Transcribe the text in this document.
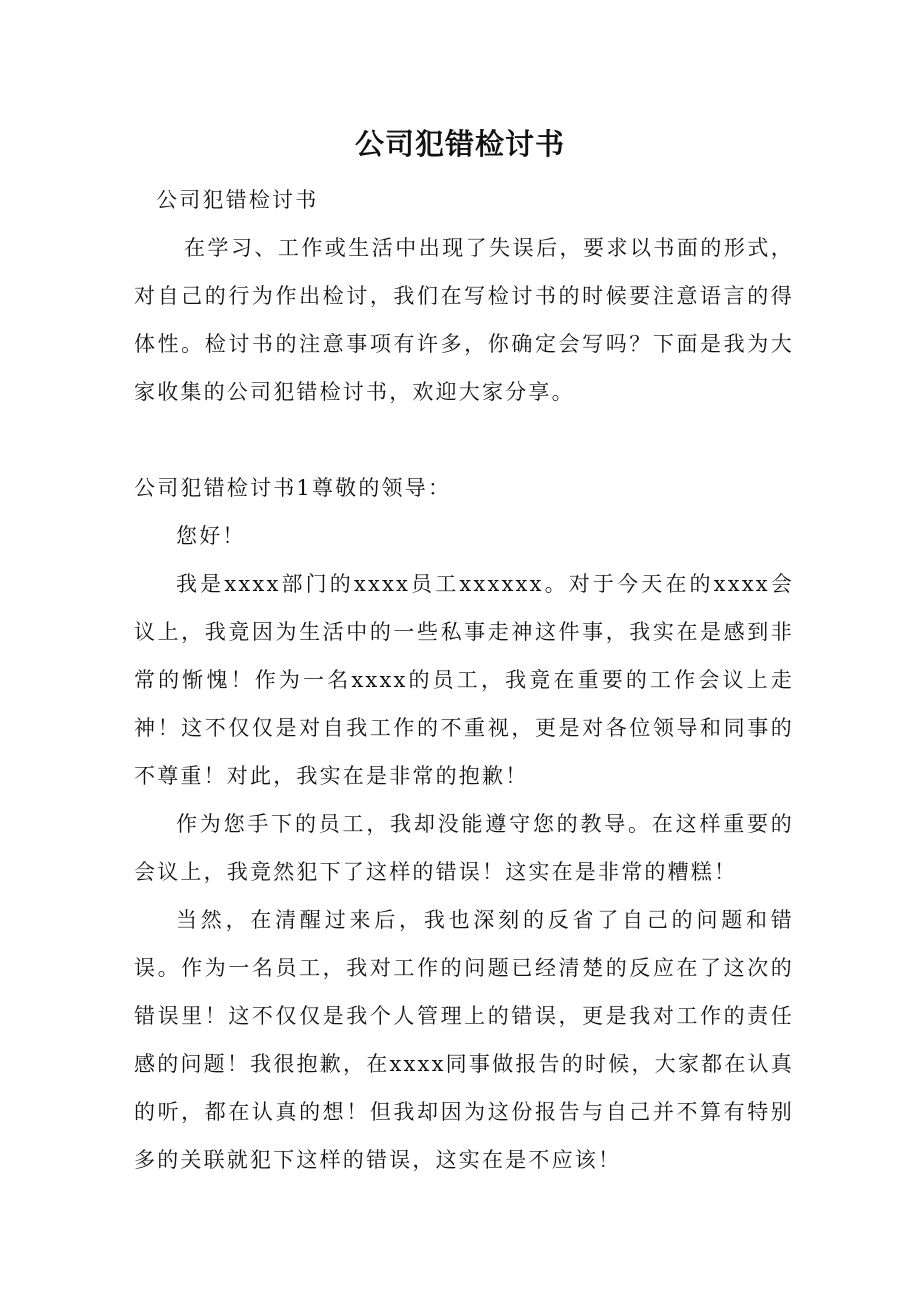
公司犯错检讨书

公司犯错检讨书

在学习、工作或生活中出现了失误后，要求以书面的形式，对自己的行为作出检讨，我们在写检讨书的时候要注意语言的得体性。检讨书的注意事项有许多，你确定会写吗？下面是我为大家收集的公司犯错检讨书，欢迎大家分享。

公司犯错检讨书1尊敬的领导：

您好！

我是xxxx部门的xxxx员工xxxxxx。对于今天在的xxxx会议上，我竟因为生活中的一些私事走神这件事，我实在是感到非常的惭愧！作为一名xxxx的员工，我竟在重要的工作会议上走神！这不仅仅是对自我工作的不重视，更是对各位领导和同事的不尊重！对此，我实在是非常的抱歉！

作为您手下的员工，我却没能遵守您的教导。在这样重要的会议上，我竟然犯下了这样的错误！这实在是非常的糟糕！

当然，在清醒过来后，我也深刻的反省了自己的问题和错误。作为一名员工，我对工作的问题已经清楚的反应在了这次的错误里！这不仅仅是我个人管理上的错误，更是我对工作的责任感的问题！我很抱歉，在xxxx同事做报告的时候，大家都在认真的听，都在认真的想！但我却因为这份报告与自己并不算有特别多的关联就犯下这样的错误，这实在是不应该！
